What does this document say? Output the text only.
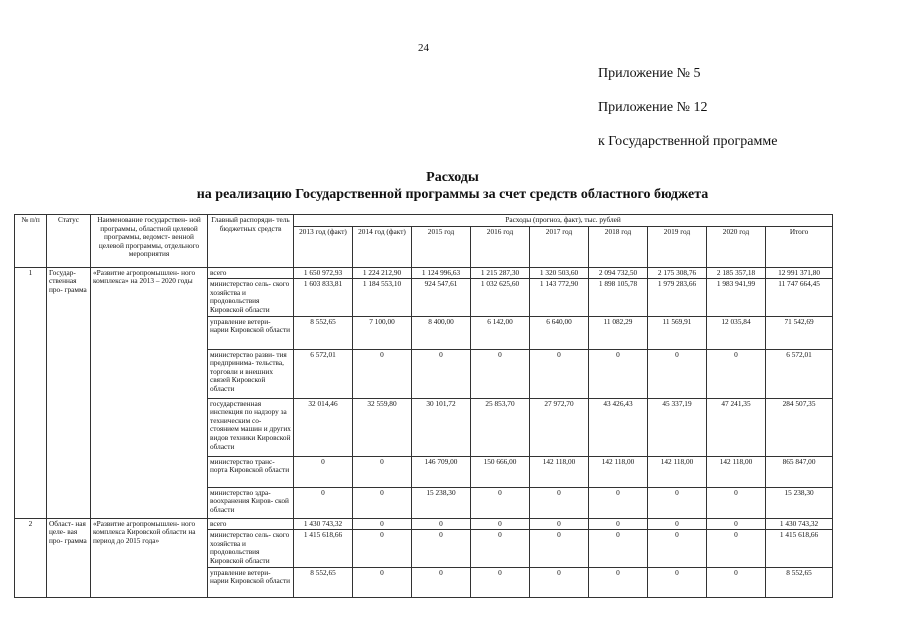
24
Приложение № 5
Приложение № 12
к Государственной программе
Расходы
на реализацию Государственной программы за счет средств областного бюджета
№ п/п	Статус	Наименование государствен- ной программы, областной целевой программы, ведомст- венной целевой программы, отдельного мероприятия	Главный распоряди- тель бюджетных средств	Расходы (прогноз, факт), тыс. рублей								
				2013 год (факт)	2014 год (факт)	2015 год	2016 год	2017 год	2018 год	2019 год	2020 год	Итого
1	Государ- ственная про- грамма	«Развитие агропромышлен- ного комплекса» на 2013 – 2020 годы	всего	1 650 972,93	1 224 212,90	1 124 996,63	1 215 287,30	1 320 503,60	2 094 732,50	2 175 308,76	2 185 357,18	12 991 371,80
			министерство сель- ского хозяйства и продовольствия Кировской области	1 603 833,81	1 184 553,10	924 547,61	1 032 625,60	1 143 772,90	1 898 105,78	1 979 283,66	1 983 941,99	11 747 664,45
			управление ветери- нарии Кировской области	8 552,65	7 100,00	8 400,00	6 142,00	6 640,00	11 082,29	11 569,91	12 035,84	71 542,69
			министерство разви- тия предпринима- тельства, торговли и внешних связей Кировской области	6 572,01	0	0	0	0	0	0	0	6 572,01
			государственная инспекция по надзору за техническим со- стоянием машин и других видов техники Кировской области	32 014,46	32 559,80	30 101,72	25 853,70	27 972,70	43 426,43	45 337,19	47 241,35	284 507,35
			министерство транс- порта Кировской области	0	0	146 709,00	150 666,00	142 118,00	142 118,00	142 118,00	142 118,00	865 847,00
			министерство здра- воохранения Киров- ской области	0	0	15 238,30	0	0	0	0	0	15 238,30
2	Област- ная целе- вая про- грамма	«Развитие агропромышлен- ного комплекса Кировской области на период до 2015 года»	всего	1 430 743,32	0	0	0	0	0	0	0	1 430 743,32
			министерство сель- ского хозяйства и продовольствия Кировской области	1 415 618,66	0	0	0	0	0	0	0	1 415 618,66
			управление ветери- нарии Кировской области	8 552,65	0	0	0	0	0	0	0	8 552,65
